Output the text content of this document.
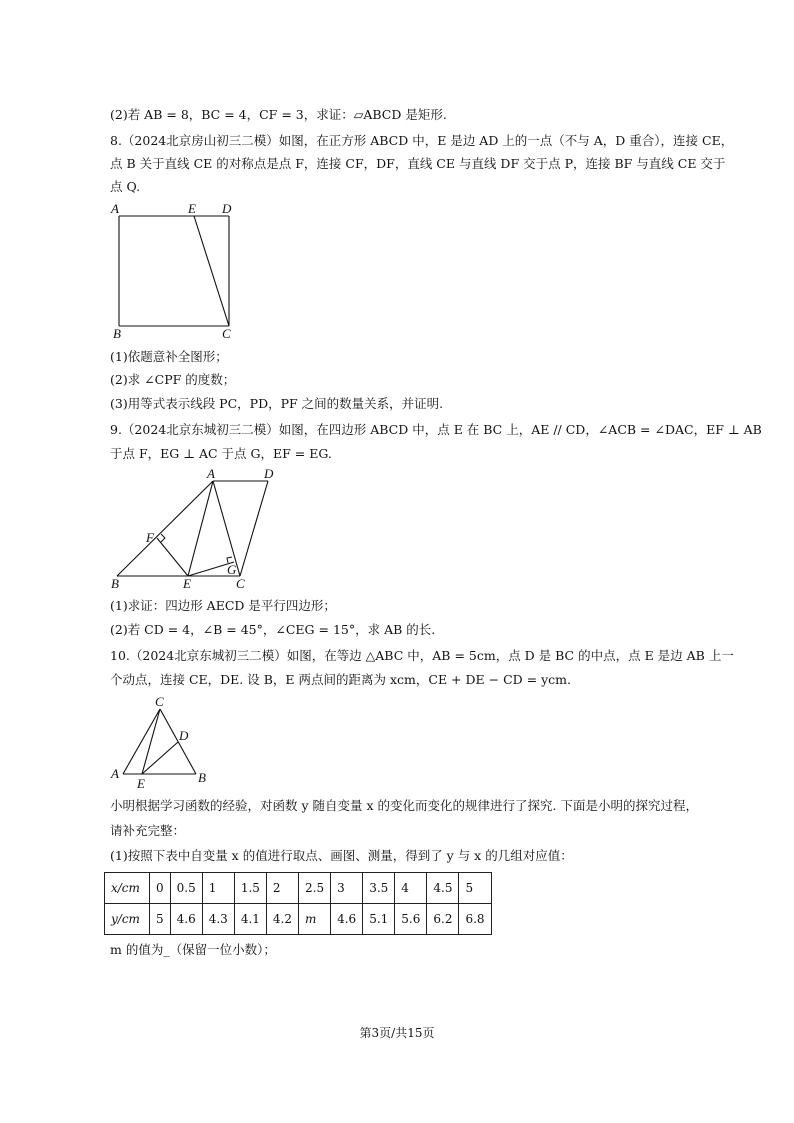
(2)若 AB = 8，BC = 4，CF = 3，求证：▱ABCD 是矩形.
8.（2024北京房山初三二模）如图，在正方形 ABCD 中，E 是边 AD 上的一点（不与 A，D 重合），连接 CE，
点 B 关于直线 CE 的对称点是点 F，连接 CF，DF，直线 CE 与直线 DF 交于点 P，连接 BF 与直线 CE 交于
点 Q.
A	E D
B	C
(1)依题意补全图形；
(2)求 ∠CPF 的度数；
(3)用等式表示线段 PC，PD，PF 之间的数量关系，并证明.
9.（2024北京东城初三二模）如图，在四边形 ABCD 中，点 E 在 BC 上，AE // CD，∠ACB = ∠DAC，EF ⊥ AB
于点 F，EG ⊥ AC 于点 G，EF = EG.
A	D
F
B	E
G
C
(1)求证：四边形 AECD 是平行四边形；
(2)若 CD = 4，∠B = 45°，∠CEG = 15°，求 AB 的长.
10.（2024北京东城初三二模）如图，在等边 △ABC 中，AB = 5cm，点 D 是 BC 的中点，点 E 是边 AB 上一
个动点，连接 CE，DE. 设 B，E 两点间的距离为 xcm，CE + DE − CD = ycm.
C
D
A
E	B
小明根据学习函数的经验，对函数 y 随自变量 x 的变化而变化的规律进行了探究. 下面是小明的探究过程，
请补充完整：
(1)按照下表中自变量 x 的值进行取点、画图、测量，得到了 y 与 x 的几组对应值：
x/cm	0	0.5	1	1.5	2	2.5	3	3.5	4	4.5	5
y/cm	5	4.6	4.3	4.1	4.2	m	4.6	5.1	5.6	6.2	6.8
m 的值为_（保留一位小数）；
第3页/共15页
